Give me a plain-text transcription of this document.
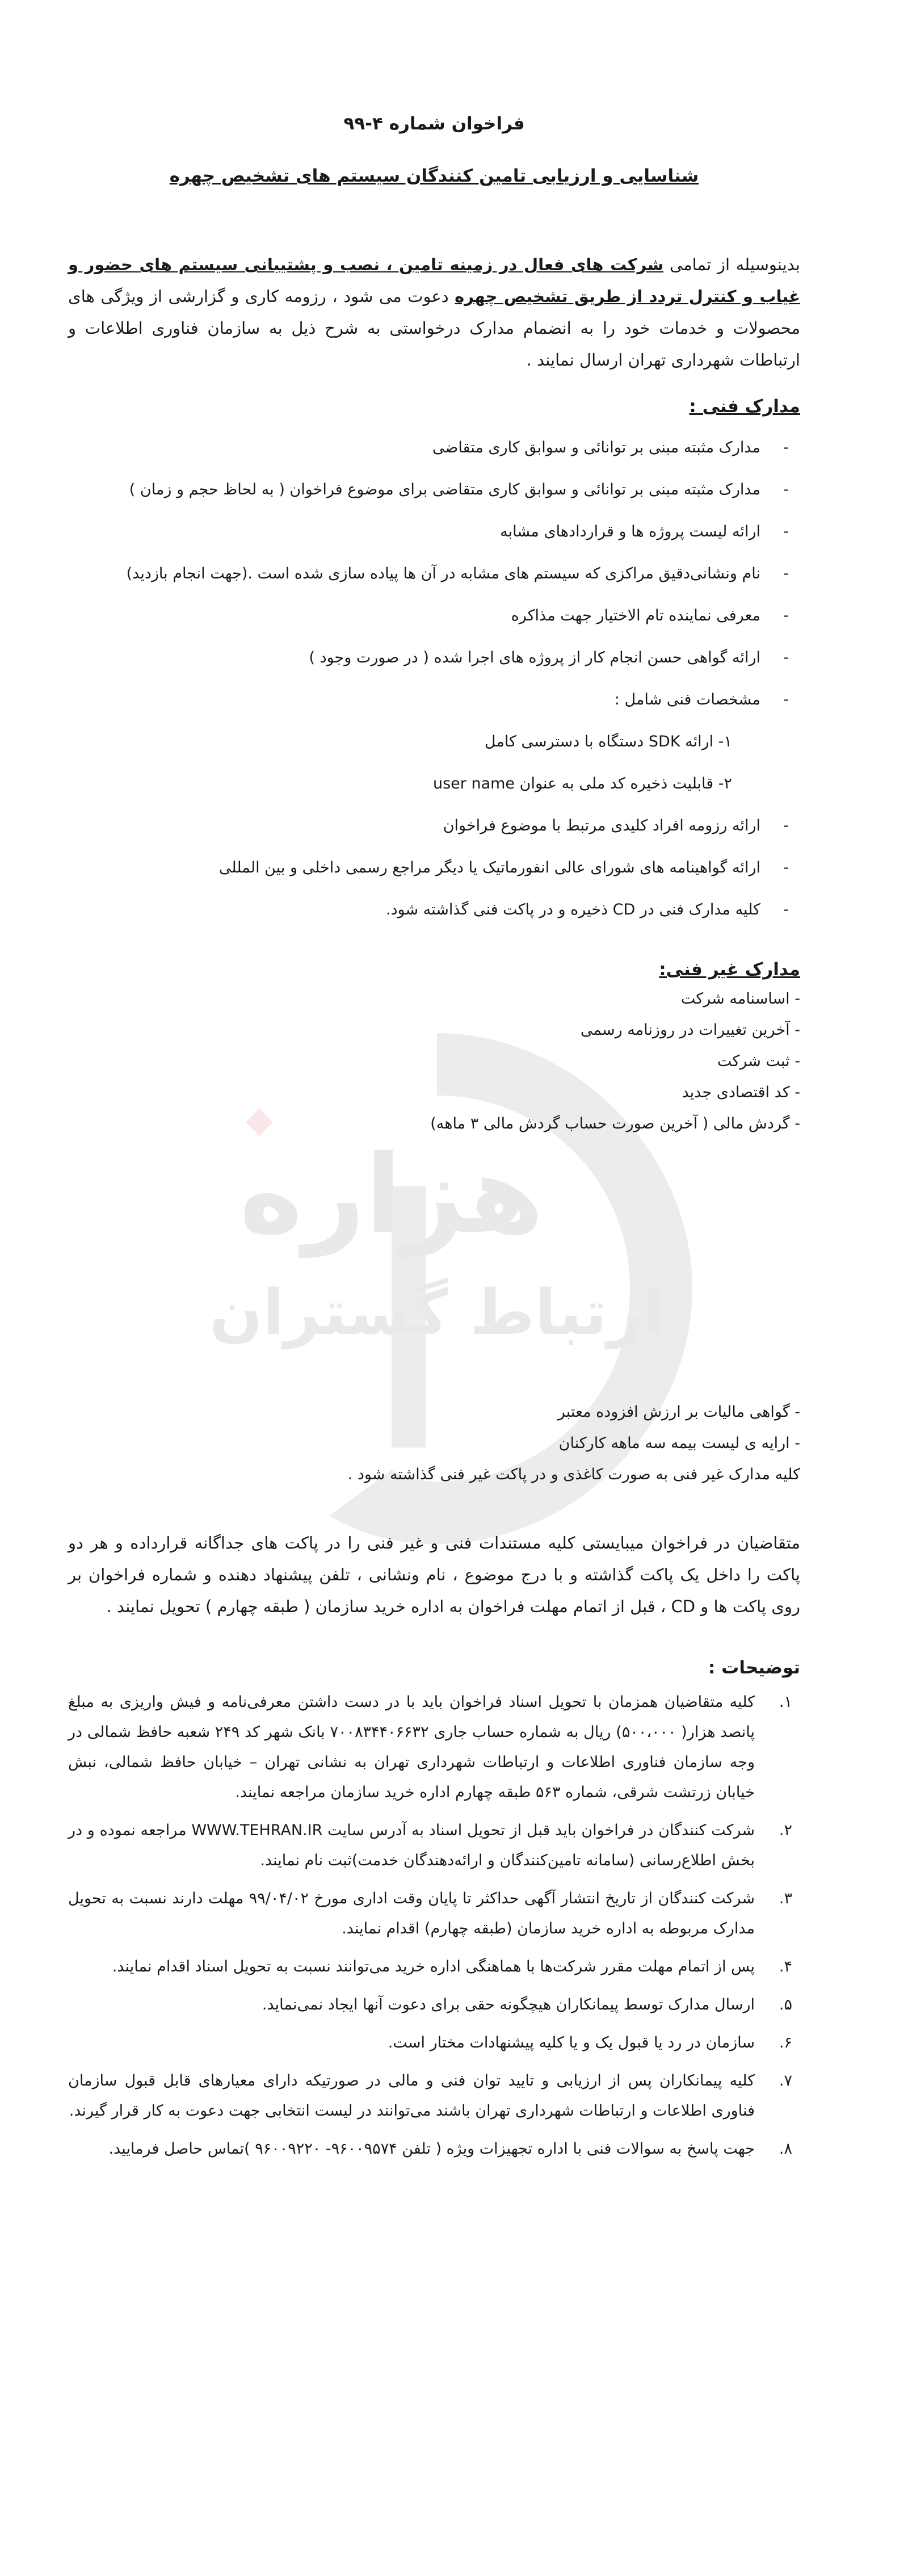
هزاره
ارتباط گستران
فراخوان شماره ۴-۹۹
شناسایی و ارزیابی تامین کنندگان سیستم های تشخیص چهره
بدینوسیله از تمامی شرکت های فعال در زمینه تامین ، نصب و پشتیبانی سیستم های حضور و غیاب و کنترل تردد از طریق تشخیص چهره دعوت می شود ، رزومه کاری و گزارشی از ویژگی های محصولات و خدمات خود را به انضمام مدارک درخواستی به شرح ذیل به سازمان فناوری اطلاعات و ارتباطات شهرداری تهران ارسال نمایند .
مدارک فنی :
- مدارک مثبته مبنی بر توانائی و سوابق کاری متقاضی
- مدارک مثبته مبنی بر توانائی و سوابق کاری متقاضی برای موضوع فراخوان ( به لحاظ حجم و زمان )
- ارائه لیست پروژه ها و قراردادهای مشابه
- نام ونشانی‌دقیق مراکزی که سیستم های مشابه در آن ها پیاده سازی شده است .(جهت انجام بازدید)
- معرفی نماینده تام الاختیار جهت مذاکره
- ارائه گواهی حسن انجام کار از پروژه های اجرا شده ( در صورت وجود )
- مشخصات فنی شامل :
۱- ارائه SDK دستگاه با دسترسی کامل
۲- قابلیت ذخیره کد ملی به عنوان user name
- ارائه رزومه افراد کلیدی مرتبط با موضوع فراخوان
- ارائه گواهینامه های شورای عالی انفورماتیک یا دیگر مراجع رسمی داخلی و بین المللی
- کلیه مدارک فنی در CD ذخیره و در پاکت فنی گذاشته شود.
مدارک غیر فنی:
- اساسنامه شرکت
- آخرین تغییرات در روزنامه رسمی
- ثبت شرکت
- کد اقتصادی جدید
- گردش مالی ( آخرین صورت حساب گردش مالی ۳ ماهه)
- گواهی مالیات بر ارزش افزوده معتبر
- ارایه ی لیست بیمه سه ماهه کارکنان
کلیه مدارک غیر فنی به صورت کاغذی و در پاکت غیر فنی گذاشته شود .
متقاضیان در فراخوان میبایستی کلیه مستندات فنی و غیر فنی را در پاکت های جداگانه قرارداده و هر دو پاکت را داخل یک پاکت گذاشته و با درج موضوع ، نام ونشانی ، تلفن پیشنهاد دهنده و شماره فراخوان بر روی پاکت ها و CD ، قبل از اتمام مهلت فراخوان به اداره خرید سازمان ( طبقه چهارم ) تحویل نمایند .
توضیحات :
۱.
کلیه متقاضیان همزمان با تحویل اسناد فراخوان باید با در دست داشتن معرفی‌نامه و فیش واریزی به مبلغ پانصد هزار( ۵۰۰،۰۰۰) ریال به شماره حساب جاری ۷۰۰۸۳۴۴۰۶۶۳۲ بانک شهر کد ۲۴۹ شعبه حافظ شمالی در وجه سازمان فناوری اطلاعات و ارتباطات شهرداری تهران به نشانی تهران – خیابان حافظ شمالی، نبش خیابان زرتشت شرقی، شماره ۵۶۳ طبقه چهارم اداره خرید سازمان مراجعه نمایند.
۲.
شرکت کنندگان در فراخوان باید قبل از تحویل اسناد به آدرس سایت WWW.TEHRAN.IR مراجعه نموده و در بخش اطلاع‌رسانی (سامانه تامین‌کنندگان و ارائه‌دهندگان خدمت)ثبت نام نمایند.
۳.
شرکت کنندگان از تاریخ انتشار آگهی حداکثر تا پایان وقت اداری مورخ ۹۹/۰۴/۰۲ مهلت دارند نسبت به تحویل مدارک مربوطه به اداره خرید سازمان (طبقه چهارم) اقدام نمایند.
۴.
پس از اتمام مهلت مقرر شرکت‌ها با هماهنگی اداره خرید می‌توانند نسبت به تحویل اسناد اقدام نمایند.
۵.
ارسال مدارک توسط پیمانکاران هیچگونه حقی برای دعوت آنها ایجاد نمی‌نماید.
۶.
سازمان در رد یا قبول یک و یا کلیه پیشنهادات مختار است.
۷.
کلیه پیمانکاران پس از ارزیابی و تایید توان فنی و مالی در صورتیکه دارای معیارهای قابل قبول سازمان فناوری اطلاعات و ارتباطات شهرداری تهران باشند می‌توانند در لیست انتخابی جهت دعوت به کار قرار گیرند.
۸.
جهت پاسخ به سوالات فنی با اداره تجهیزات ویژه ( تلفن ۹۶۰۰۹۵۷۴- ۹۶۰۰۹۲۲۰ )تماس حاصل فرمایید.
